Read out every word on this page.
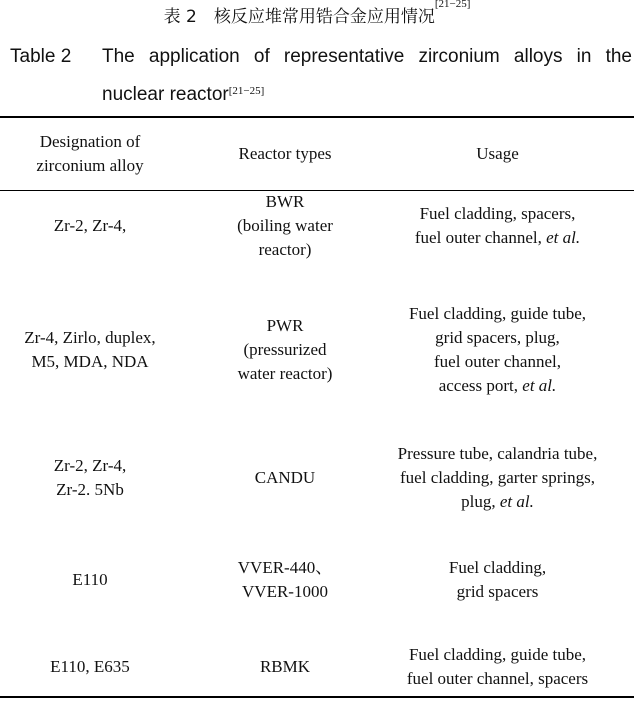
表 2　核反应堆常用锆合金应用情况[21−25]
Table 2 The application of representative zirconium alloys in the nuclear reactor[21−25]
Designation of
zirconium alloy
Reactor types	Usage
Zr-2, Zr-4,
BWR
(boiling water
reactor)
Fuel cladding, spacers,
fuel outer channel, et al.
Zr-4, Zirlo, duplex,
M5, MDA, NDA
PWR
(pressurized
water reactor)
Fuel cladding, guide tube,
grid spacers, plug,
fuel outer channel,
access port, et al.
Zr-2, Zr-4,
Zr-2. 5Nb
CANDU
Pressure tube, calandria tube,
fuel cladding, garter springs,
plug, et al.
E110
VVER-440、
VVER-1000
Fuel cladding,
grid spacers
E110, E635	RBMK
Fuel cladding, guide tube,
fuel outer channel, spacers
